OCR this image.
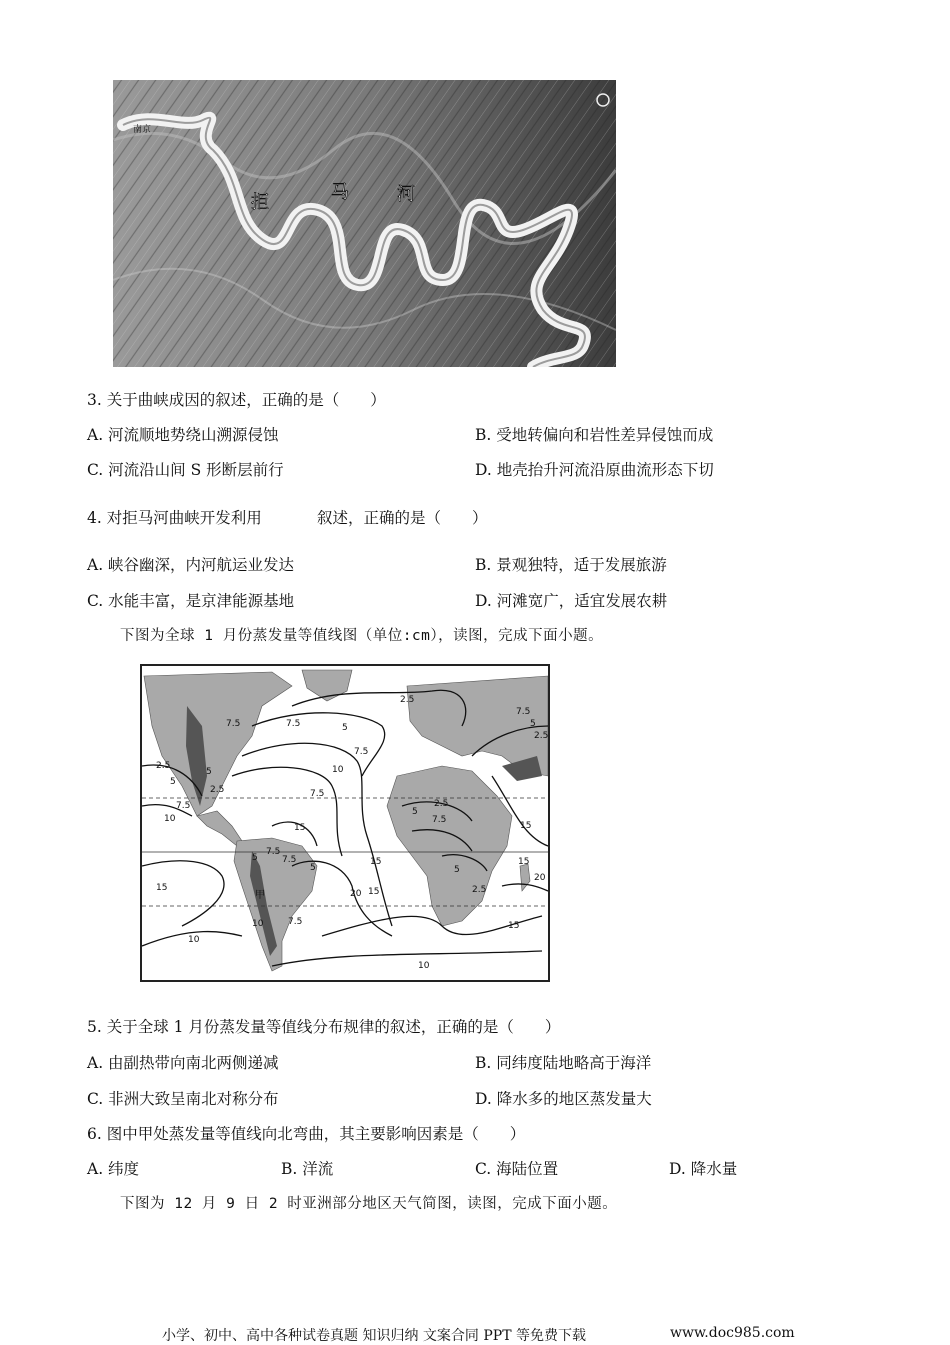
南京
拒	马	河
3. 关于曲峡成因的叙述，正确的是（　　）
A. 河流顺地势绕山溯源侵蚀	B. 受地转偏向和岩性差异侵蚀而成
C. 河流沿山间 S 形断层前行	D. 地壳抬升河流沿原曲流形态下切
4. 对拒马河曲峡开发利用	叙述，正确的是（　　）
A. 峡谷幽深，内河航运业发达	B. 景观独特，适于发展旅游
C. 水能丰富，是京津能源基地	D. 河滩宽广，适宜发展农耕
下图为全球 1 月份蒸发量等值线图（单位:cm），读图，完成下面小题。
2.5
7.5	7.5	5
7.5
7.5
5
2.5
2.5
5
7.5
2.5
5
7.5
10
10
15
7.5
7.5
5
2.5
15
15
5
2.5
15
20
15
10
15
5
15
10
5
7.5
7.5
10
甲	20
5. 关于全球 1 月份蒸发量等值线分布规律的叙述，正确的是（　　）
A. 由副热带向南北两侧递减	B. 同纬度陆地略高于海洋
C. 非洲大致呈南北对称分布	D. 降水多的地区蒸发量大
6. 图中甲处蒸发量等值线向北弯曲，其主要影响因素是（　　）
A. 纬度	B. 洋流	C. 海陆位置	D. 降水量
下图为 12 月 9 日 2 时亚洲部分地区天气简图，读图，完成下面小题。
小学、初中、高中各种试卷真题 知识归纳 文案合同 PPT 等免费下载	www.doc985.com
